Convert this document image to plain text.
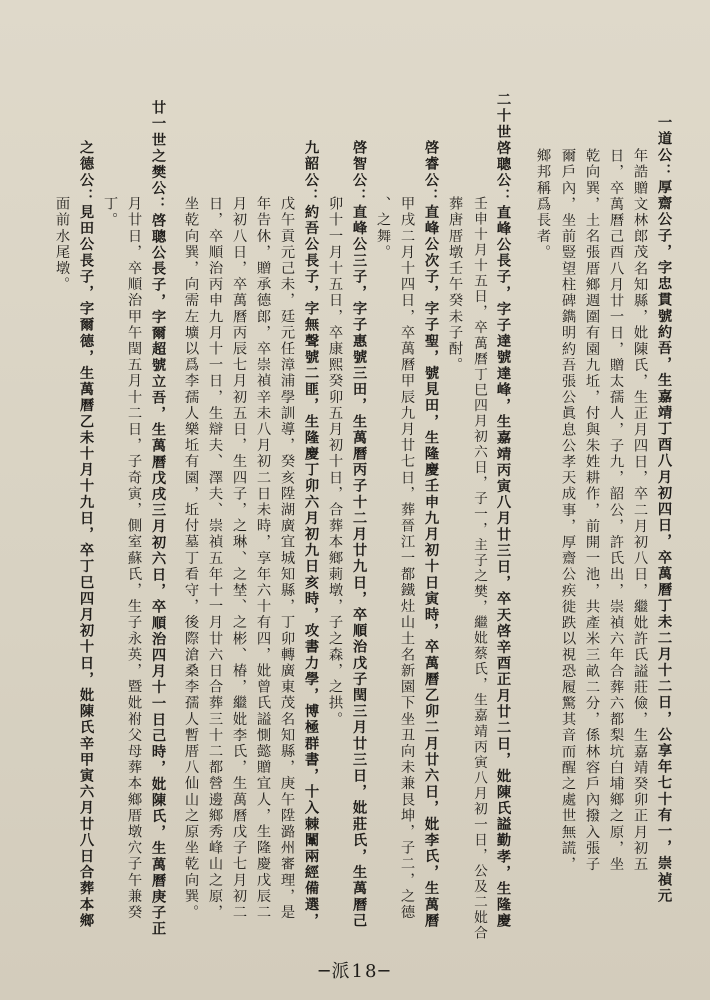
一道公：厚齋公子，字忠貫號約吾，生嘉靖丁酉八月初四日，卒萬曆丁未二月十二日，公享年七十有一，崇禎元
年誥贈文林郎茂名知縣，妣陳氏，生正月四日，卒二月初八日，繼妣許氏謚莊儉，生嘉靖癸卯正月初五
日，卒萬曆己酉八月廿一日，贈太孺人，子九，韶公，許氏出，崇禎六年合葬六都梨坑白埔鄉之原，坐
乾向巽，土名張厝鄉週圍有園九坵，付與朱姓耕作，前開一池，共產米三畝二分，係林容戶內撥入張子
爾戶內，坐前豎望柱碑鐫明約吾張公眞息公孝天成事，厚齋公疾徙跌以視恐履驚其音而醒之處世無謊，
鄉邦稱爲長者。
二十世啓聰公：直峰公長子，字子達號達峰，生嘉靖丙寅八月廿三日，卒天啓辛酉正月廿二日，妣陳氏謚勤孝，生隆慶
壬申十月十五日，卒萬曆丁巳四月初六日，子一，主子之樊，繼妣蔡氏，生嘉靖丙寅八月初一日，公及二妣合
葬唐厝墩壬午癸未子酎。
啓睿公：直峰公次子，字子聖，號見田，生隆慶壬申九月初十日寅時，卒萬曆乙卯二月廿六日，妣李氏，生萬曆
甲戌二月十四日，卒萬曆甲辰九月廿七日，葬晉江一都鐵灶山土名新園下坐丑向未兼艮坤，子二，之德
、之舞。
啓智公：直峰公三子，字子惠號三田，生萬曆丙子十二月廿九日，卒順治戊子閏三月廿三日，妣莊氏，生萬曆己
卯十一月十五日，卒康熙癸卯五月初十日，合葬本鄉莿墩，子之森，之拱。
九韶公：約吾公長子，字無聲號二匪，生隆慶丁卯六月初九日亥時，攻書力學，博極群書，十入棘闈兩經備選，
戊午貢元己未，廷元任漳浦學訓導，癸亥陞湖廣宜城知縣，丁卯轉廣東茂名知縣，庚午陞潞州審理，是
年告休，贈承德郎，卒崇禎辛未八月初二日未時，享年六十有四，妣曾氏謚惻懿贈宜人，生隆慶戊辰二
月初八日，卒萬曆丙辰七月初五日，生四子，之琳、之埜、之彬、椿，繼妣李氏，生萬曆戊子七月初二
日，卒順治丙申九月十一日，生辯夫、澤夫、崇禎五年十一月廿六日合葬三十二都營邊鄉秀峰山之原，
坐乾向巽，向需左壙以爲李孺人樂坵有園，坵付墓丁看守，後際滄桑李孺人暫厝八仙山之原坐乾向巽。
廿一世之樊公：啓聰公長子，字爾超號立吾，生萬曆戊戌三月初六日，卒順治四月十一日己時，妣陳氏，生萬曆庚子正
月廿日，卒順治甲午閏五月十二日，子奇寅，側室蘇氏，生子永英，暨妣祔父母葬本鄉厝墩穴子午兼癸
丁。
之德公：見田公長子，字爾德，生萬曆乙未十月十九日，卒丁巳四月初十日，妣陳氏辛甲寅六月廿八日合葬本鄉
面前水尾墩。
─派18─
